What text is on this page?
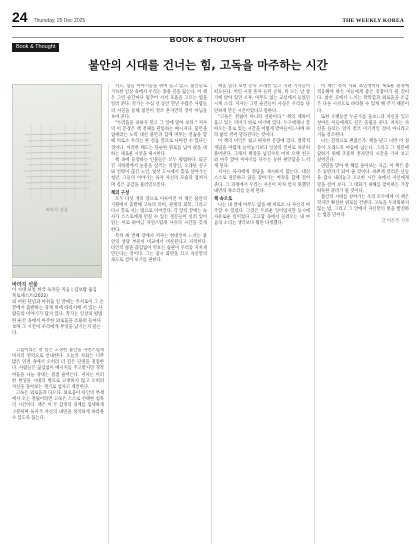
24 Thursday, 25 Dec 2025	THE WEEKLY KOREA
BOOK & THOUGHT
Book & Thought
불안의 시대를 건너는 힘, 고독을 마주하는 시간
바라지 선물
바라지 선물
이 시대 보통 한국 독자들 지음 | 김보람 옮김
북로제스트(2022)
외 어떤 단념과 아쉬움 일 만에는 주저로이 그 손끝에서 출발하는 경계 위에 바라지에 서 있는 사람들의 이야기가 담겨 있다. 작가는 일상의 평범한 순간 속에서 마주한 외로움을 조용히 들여다보며 그 시간이 우리에게 무엇을 남기는지 묻는다.

고립이라는 낱 말은 고경한 불안을 자연스럽게 미지의 영역으로 안내한다. 오늘의 사회는 너무 많은 연결 속에서 오히려 더 깊은 단절을 경험한다. 사람들은 끊임없이 메시지를 주고받지만 정작 마음을 나눌 상대는 점점 줄어든다. 저자는 이러한 현상을 시대의 병으로 규정하지 않고 오히려 자신을 돌아보는 계기로 삼자고 제안한다.

고독은 외로움과 다르다. 외로움이 타인의 부재에서 오는 결핍이라면 고독은 스스로 선택한 침묵의 시간이다. 책은 이 두 감정의 경계를 섬세하게 구분하며 독자가 자신의 내면을 정직하게 바라볼 수 있도록 돕는다.

서도, 힘들 이야기들을 쉬며 들고 있고, 불안들로 가득한 일상 속에서 우리는 종종 길을 잃는다. 이 책은 그런 순간마다 멈추어 서서 호흡을 고르는 법을 알려 준다. 작가는 수십 년 동안 만난 수많은 사람들의 사연을 통해 불안이 결코 혼자만의 것이 아님을 보여 준다.

"두려움을 피하지 말고 그 앞에 앉아 보라." 저자의 이 문장은 책 전체를 관통하는 메시지다. 불안을 없애려는 노력 대신 불안과 함께 머무는 연습을 할 때 비로소 우리는 한 걸음 앞으로 나아갈 수 있다는 것이다. 이러한 태도는 단순한 위로를 넘어 삶을 대하는 새로운 시선을 제시한다.

책 속에 등장하는 인물들은 모두 평범하다. 퇴근길 지하철에서 눈물을 삼키는 직장인, 오래된 친구와 연락이 끊긴 노인, 낯선 도시에서 홀로 살아가는 청년. 그들의 이야기는 독자 자신의 모습과 겹쳐지며 깊은 공감을 불러일으킨다.

책의 구성

모두 다섯 개의 장으로 이루어진 이 책은 불안의 기원에서 출발해 고독의 의미, 관계의 회복, 그리고 다시 홀로 서는 법으로 이어진다. 각 장의 끝에는 독자가 스스로에게 던질 수 있는 질문들이 실려 있어 읽는 이로 하여금 자연스럽게 사유의 시간을 갖게 한다.

특히 세 번째 장에서 저자는 현대인이 느끼는 불안의 상당 부분이 비교에서 비롯된다고 지적한다. 타인의 삶을 끊임없이 엿보는 습관이 우리를 지치게 만든다는 것이다. 그는 잠시 화면을 끄고 자신만의 속도로 걸어 보기를 권한다.

책을 읽다 보면 문득 오래전 잊고 지낸 기억들이 떠오른다. 어린 시절 혼자 놀던 골목, 비 오는 날 창가에 앉아 있던 오후, 아무도 없는 교실에서 들었던 시계 소리. 저자는 그런 순간들이 사실은 우리를 단단하게 만든 시간이었다고 말한다.

"고독은 결핍이 아니라 선물이다." 책의 제목이 품고 있는 의미가 바로 여기에 있다. 누구에게나 찾아오는 홀로 있는 시간을 어떻게 받아들이느냐에 따라 삶의 결이 달라진다는 것이다.

이 책의 미덕은 쉽고 따뜻한 문장에 있다. 철학적 개념을 어렵게 늘어놓기보다 일상의 언어로 차분히 풀어낸다. 그래서 책장을 넘길수록 마치 오랜 친구와 마주 앉아 이야기를 나누는 듯한 편안함을 느끼게 된다.

저자는 독자에게 정답을 제시하지 않는다. 대신 스스로 질문하고 답을 찾아가는 여정을 함께 걸어 준다. 그 과정에서 우리는 자신이 미처 알지 못했던 내면의 목소리를 듣게 된다.

책 속으로

나는 내 곁에 아무도 없을 때 비로소 나 자신과 마주할 수 있었다. 그것은 두려운 일이었지만 동시에 자유로운 일이었다. 고요함 속에서 들려오는 내 마음의 소리는 생각보다 훨씬 다정했다.

이 책은 특히 사회 초년생이나 새로운 환경에 적응해야 하는 이들에게 좋은 길잡이가 될 것이다. 낯선 곳에서 느끼는 막막함과 외로움을 조금은 다른 시선으로 바라볼 수 있게 해 주기 때문이다.

또한 오랫동안 누군가를 돌보느라 자신을 잊고 살아온 이들에게도 깊은 울림을 준다. 저자는 자신을 돌보는 일이 결코 이기적인 것이 아니라고 거듭 강조한다.

나는 진정으로 괜찮은가. 책을 덮고 나면 이 질문이 오래도록 마음에 남는다. 그리고 그 질문에 답하기 위해 조용히 혼자만의 시간을 가져 보고 싶어진다.

연말을 맞아 한 해를 돌아보는 지금, 이 책은 좋은 동반자가 되어 줄 것이다. 바쁘게 달려온 날들을 잠시 내려놓고 고요한 시간 속에서 자신에게 말을 걸어 보자. 그 대화가 새해를 맞이하는 가장 따뜻한 준비가 될 것이다.

불안의 시대를 살아가는 우리 모두에게 이 책은 작지만 확실한 위로를 건넨다. 고독을 두려워하지 않는 법, 그리고 그 안에서 자신만의 빛을 발견하는 법을 말이다.

글 이은주 기자
